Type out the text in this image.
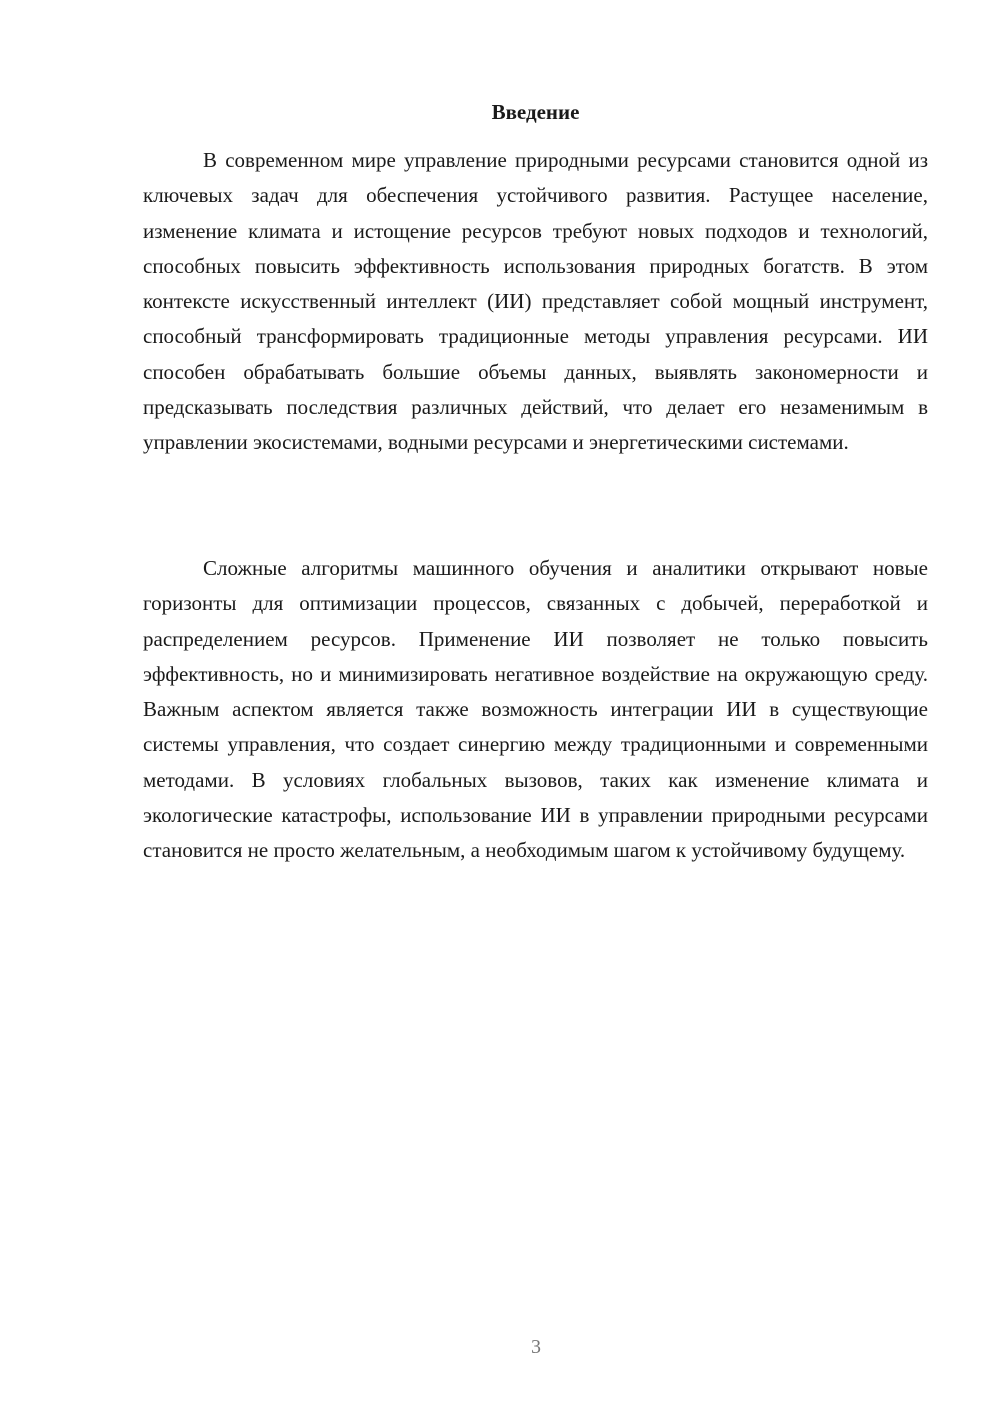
Введение

В современном мире управление природными ресурсами становится одной из ключевых задач для обеспечения устойчивого развития. Растущее население, изменение климата и истощение ресурсов требуют новых подходов и технологий, способных повысить эффективность использования природных богатств. В этом контексте искусственный интеллект (ИИ) представляет собой мощный инструмент, способный трансформировать традиционные методы управления ресурсами. ИИ способен обрабатывать большие объемы данных, выявлять закономерности и предсказывать последствия различных действий, что делает его незаменимым в управлении экосистемами, водными ресурсами и энергетическими системами.

Сложные алгоритмы машинного обучения и аналитики открывают новые горизонты для оптимизации процессов, связанных с добычей, переработкой и распределением ресурсов. Применение ИИ позволяет не только повысить эффективность, но и минимизировать негативное воздействие на окружающую среду. Важным аспектом является также возможность интеграции ИИ в существующие системы управления, что создает синергию между традиционными и современными методами. В условиях глобальных вызовов, таких как изменение климата и экологические катастрофы, использование ИИ в управлении природными ресурсами становится не просто желательным, а необходимым шагом к устойчивому будущему.

3
